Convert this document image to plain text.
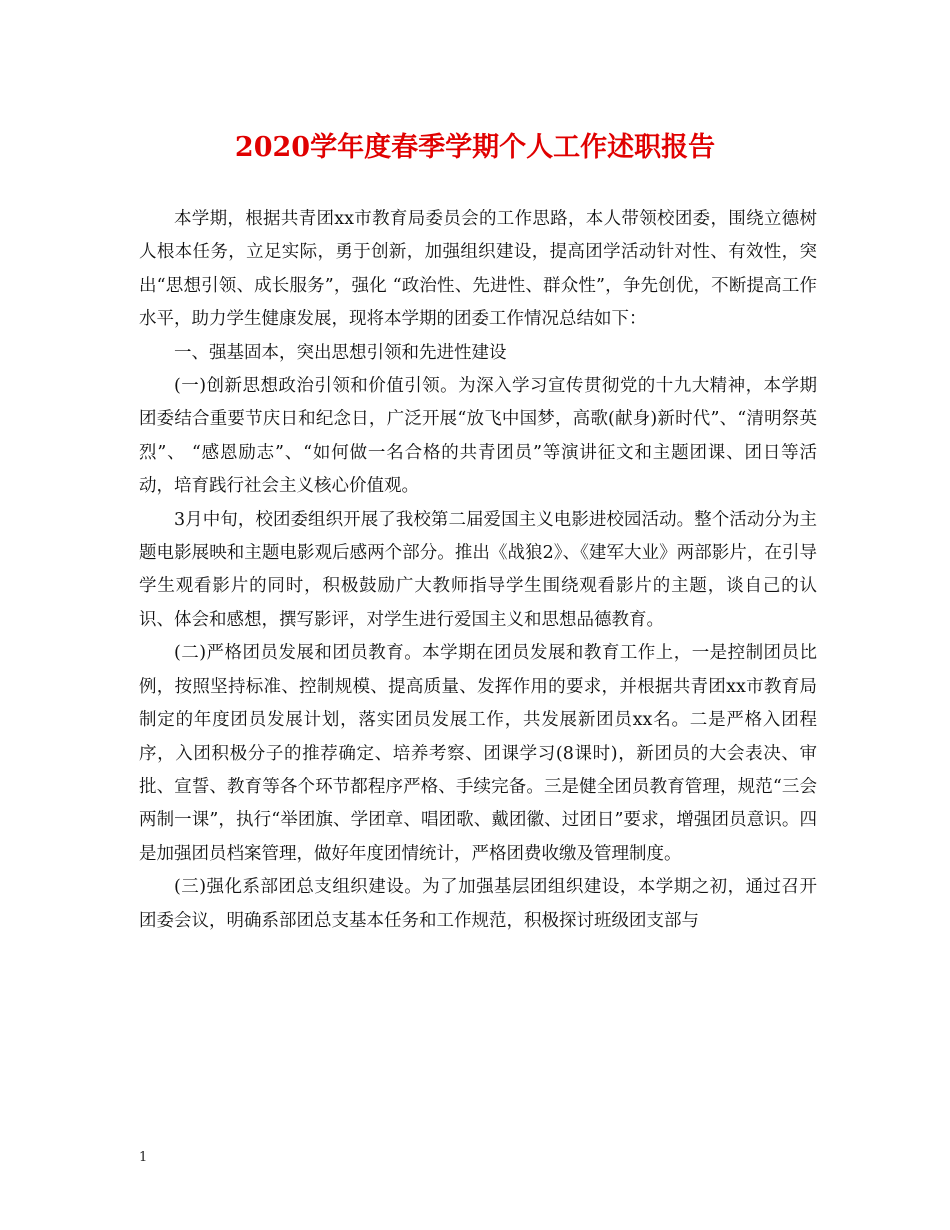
2020学年度春季学期个人工作述职报告

本学期，根据共青团xx市教育局委员会的工作思路，本人带领校团委，围绕立德树人根本任务，立足实际，勇于创新，加强组织建设，提高团学活动针对性、有效性，突出“思想引领、成长服务”，强化 “政治性、先进性、群众性”，争先创优，不断提高工作水平，助力学生健康发展，现将本学期的团委工作情况总结如下：

一、强基固本，突出思想引领和先进性建设

(一)创新思想政治引领和价值引领。为深入学习宣传贯彻党的十九大精神，本学期团委结合重要节庆日和纪念日，广泛开展“放飞中国梦，高歌(献身)新时代”、“清明祭英烈”、 “感恩励志”、“如何做一名合格的共青团员”等演讲征文和主题团课、团日等活动，培育践行社会主义核心价值观。

3月中旬，校团委组织开展了我校第二届爱国主义电影进校园活动。整个活动分为主题电影展映和主题电影观后感两个部分。推出《战狼2》、《建军大业》两部影片，在引导学生观看影片的同时，积极鼓励广大教师指导学生围绕观看影片的主题，谈自己的认识、体会和感想，撰写影评，对学生进行爱国主义和思想品德教育。

(二)严格团员发展和团员教育。本学期在团员发展和教育工作上，一是控制团员比例，按照坚持标准、控制规模、提高质量、发挥作用的要求，并根据共青团xx市教育局制定的年度团员发展计划，落实团员发展工作，共发展新团员xx名。二是严格入团程序，入团积极分子的推荐确定、培养考察、团课学习(8课时)，新团员的大会表决、审批、宣誓、教育等各个环节都程序严格、手续完备。三是健全团员教育管理，规范“三会两制一课”，执行“举团旗、学团章、唱团歌、戴团徽、过团日”要求，增强团员意识。四是加强团员档案管理，做好年度团情统计，严格团费收缴及管理制度。

(三)强化系部团总支组织建设。为了加强基层团组织建设，本学期之初，通过召开团委会议，明确系部团总支基本任务和工作规范，积极探讨班级团支部与

1
